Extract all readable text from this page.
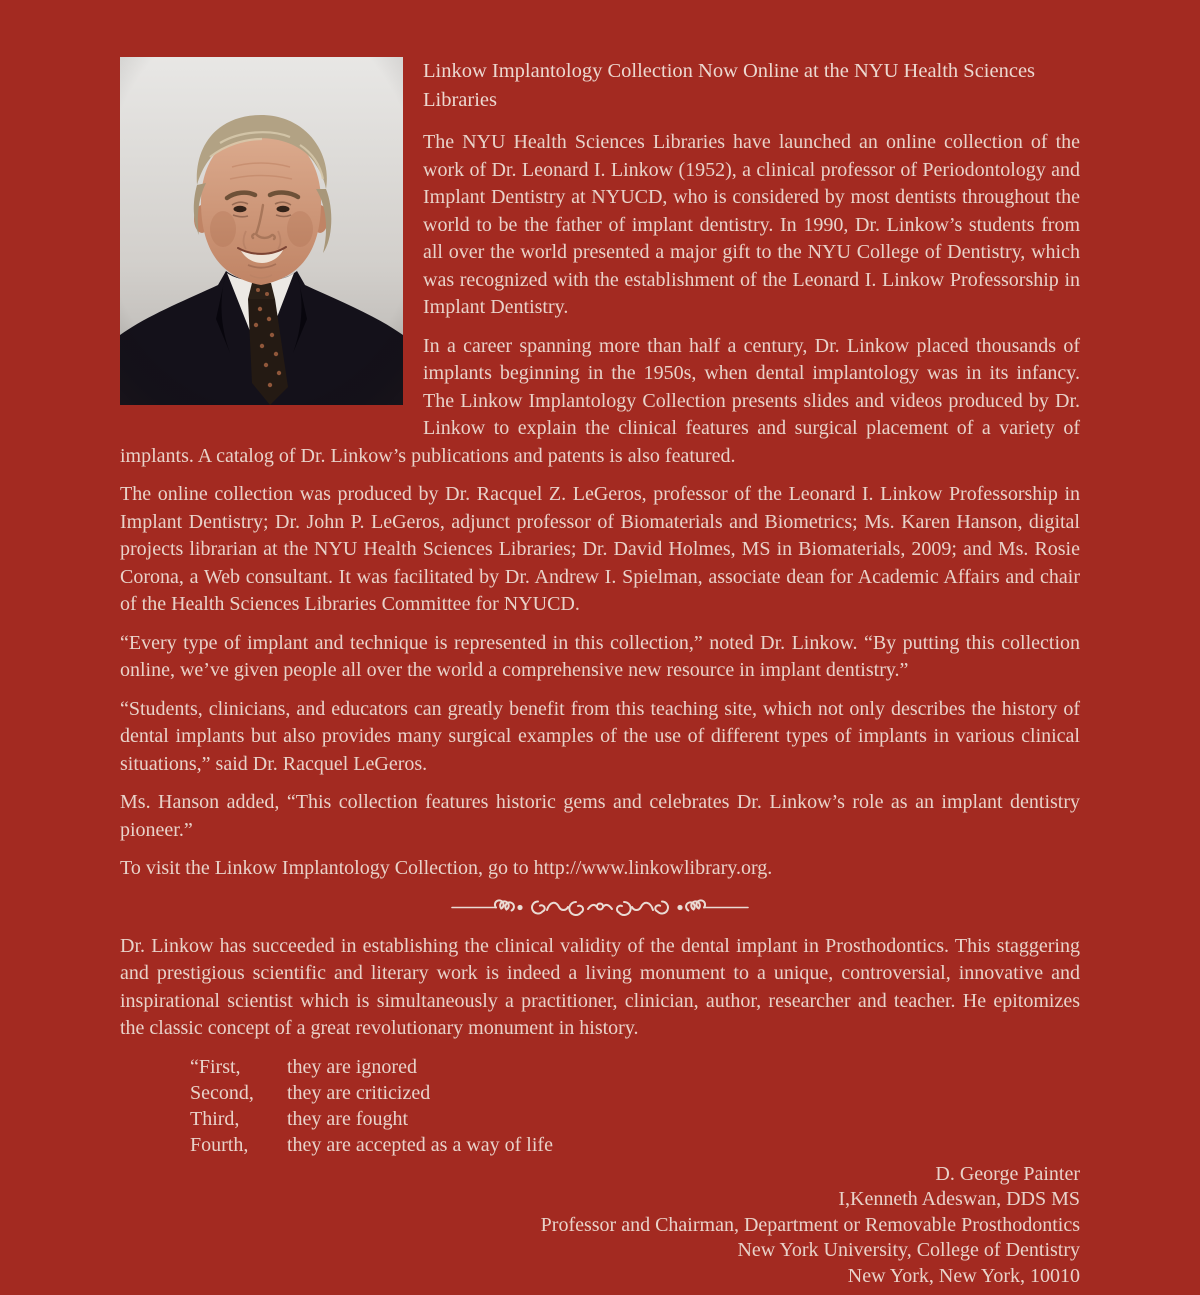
Linkow Implantology Collection Now Online at the NYU Health Sciences Libraries

The NYU Health Sciences Libraries have launched an online collection of the work of Dr. Leonard I. Linkow (1952), a clinical professor of Periodontology and Implant Dentistry at NYUCD, who is considered by most dentists throughout the world to be the father of implant dentistry. In 1990, Dr. Linkow’s students from all over the world presented a major gift to the NYU College of Dentistry, which was recognized with the establishment of the Leonard I. Linkow Professorship in Implant Dentistry.

In a career spanning more than half a century, Dr. Linkow placed thousands of implants beginning in the 1950s, when dental implantology was in its infancy. The Linkow Implantology Collection presents slides and videos produced by Dr. Linkow to explain the clinical features and surgical placement of a variety of implants. A catalog of Dr. Linkow’s publications and patents is also featured.

The online collection was produced by Dr. Racquel Z. LeGeros, professor of the Leonard I. Linkow Professorship in Implant Dentistry; Dr. John P. LeGeros, adjunct professor of Biomaterials and Biometrics; Ms. Karen Hanson, digital projects librarian at the NYU Health Sciences Libraries; Dr. David Holmes, MS in Biomaterials, 2009; and Ms. Rosie Corona, a Web consultant. It was facilitated by Dr. Andrew I. Spielman, associate dean for Academic Affairs and chair of the Health Sciences Libraries Committee for NYUCD.

“Every type of implant and technique is represented in this collection,” noted Dr. Linkow. “By putting this collection online, we’ve given people all over the world a comprehensive new resource in implant dentistry.”

“Students, clinicians, and educators can greatly benefit from this teaching site, which not only describes the history of dental implants but also provides many surgical examples of the use of different types of implants in various clinical situations,” said Dr. Racquel LeGeros.

Ms. Hanson added, “This collection features historic gems and celebrates Dr. Linkow’s role as an implant dentistry pioneer.”

To visit the Linkow Implantology Collection, go to http://www.linkowlibrary.org.

Dr. Linkow has succeeded in establishing the clinical validity of the dental implant in Prosthodontics. This staggering and prestigious scientific and literary work is indeed a living monument to a unique, controversial, innovative and inspirational scientist which is simultaneously a practitioner, clinician, author, researcher and teacher. He epitomizes the classic concept of a great revolutionary monument in history.

“First, they are ignored
Second, they are criticized
Third, they are fought
Fourth, they are accepted as a way of life
D. George Painter
I,Kenneth Adeswan, DDS MS
Professor and Chairman, Department or Removable Prosthodontics
New York University, College of Dentistry
New York, New York, 10010
